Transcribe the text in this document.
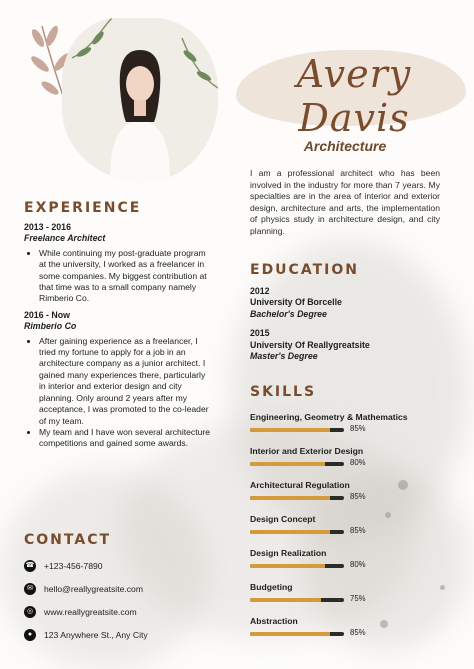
Avery Davis
Architecture
I am a professional architect who has been involved in the industry for more than 7 years. My specialties are in the area of interior and exterior design, architecture and arts, the implementation of physics study in architecture design, and city planning.
EXPERIENCE
2013 - 2016
Freelance Architect
• While continuing my post-graduate program at the university, I worked as a freelancer in some companies. My biggest contribution at that time was to a small company namely Rimberio Co.
2016 - Now
Rimberio Co
• After gaining experience as a freelancer, I tried my fortune to apply for a job in an architecture company as a junior architect. I gained many experiences there, particularly in interior and exterior design and city planning. Only around 2 years after my acceptance, I was promoted to the co-leader of my team.
• My team and I have won several architecture competitions and gained some awards.
EDUCATION
2012
University Of Borcelle
Bachelor's Degree
2015
University Of Reallygreatsite
Master's Degree
SKILLS
Engineering, Geometry & Mathematics
85%
Interior and Exterior Design
80%
Architectural Regulation
85%
Design Concept
85%
Design Realization
80%
Budgeting
75%
Abstraction
85%
CONTACT
☎ +123-456-7890
✉	hello@reallygreatsite.com
◎	www.reallygreatsite.com
●	123 Anywhere St., Any City
